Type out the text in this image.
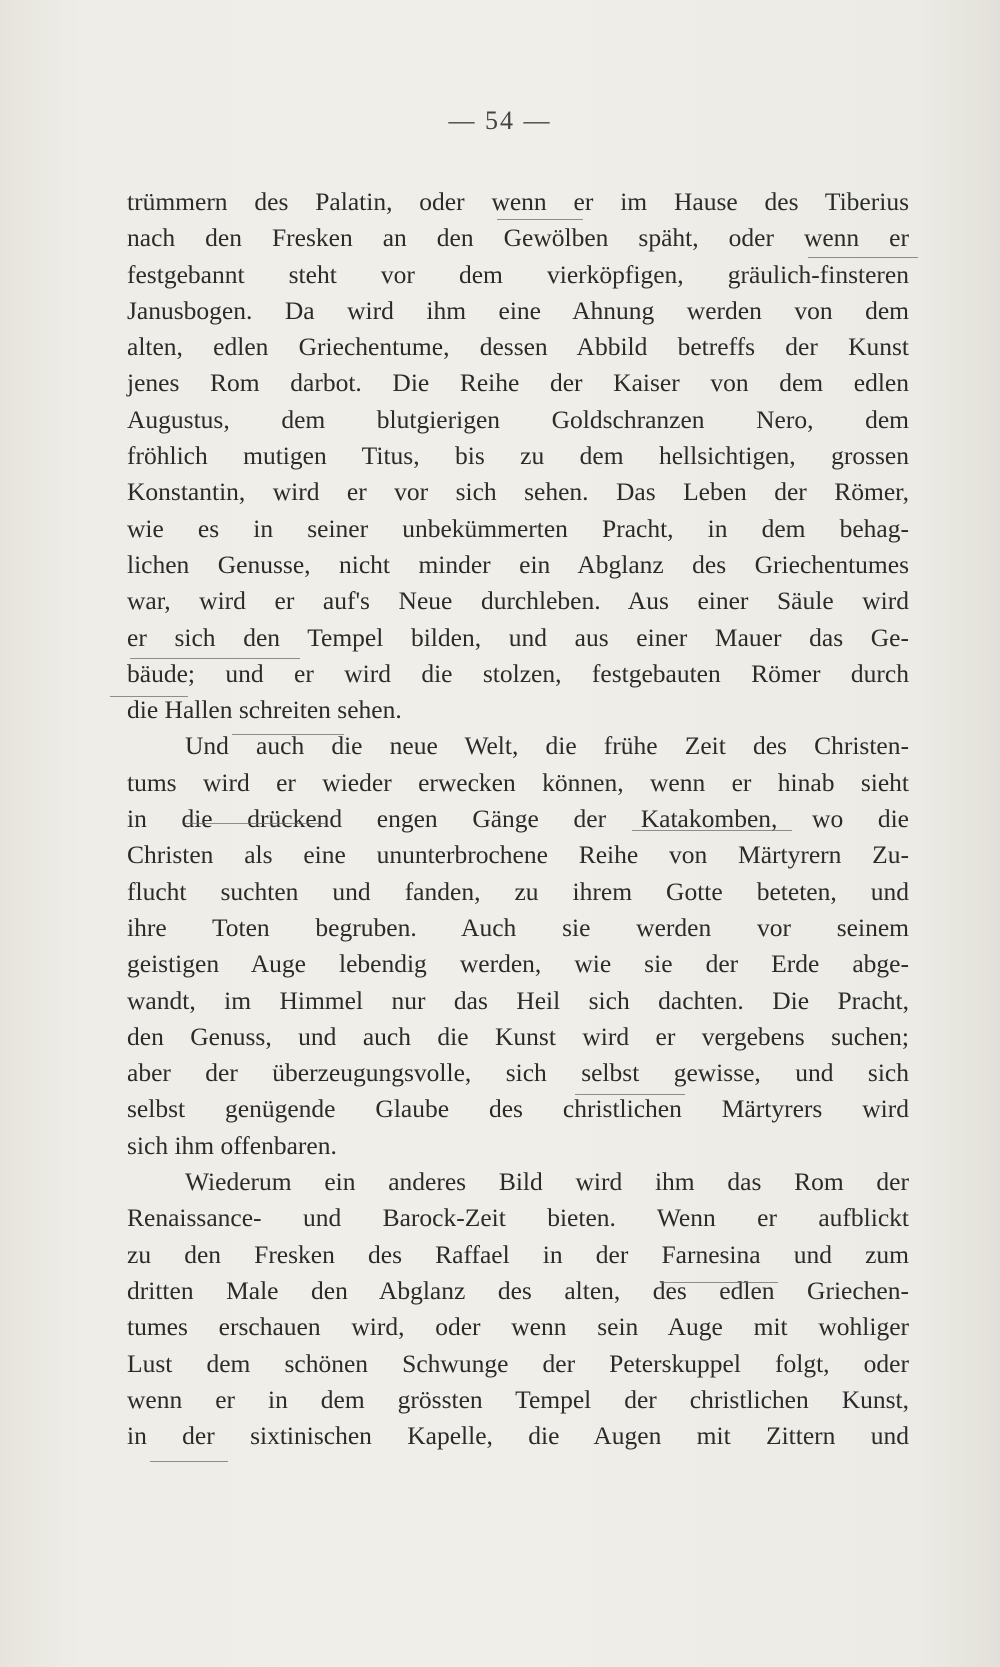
— 54 —
trümmern des Palatin, oder wenn er im Hause des Tiberius
nach den Fresken an den Gewölben späht, oder wenn er
festgebannt steht vor dem vierköpfigen, gräulich-finsteren
Janusbogen. Da wird ihm eine Ahnung werden von dem
alten, edlen Griechentume, dessen Abbild betreffs der Kunst
jenes Rom darbot. Die Reihe der Kaiser von dem edlen
Augustus, dem blutgierigen Goldschranzen Nero, dem
fröhlich mutigen Titus, bis zu dem hellsichtigen, grossen
Konstantin, wird er vor sich sehen. Das Leben der Römer,
wie es in seiner unbekümmerten Pracht, in dem behag-
lichen Genusse, nicht minder ein Abglanz des Griechentumes
war, wird er auf's Neue durchleben. Aus einer Säule wird
er sich den Tempel bilden, und aus einer Mauer das Ge-
bäude; und er wird die stolzen, festgebauten Römer durch
die Hallen schreiten sehen.
Und auch die neue Welt, die frühe Zeit des Christen-
tums wird er wieder erwecken können, wenn er hinab sieht
in die drückend engen Gänge der Katakomben, wo die
Christen als eine ununterbrochene Reihe von Märtyrern Zu-
flucht suchten und fanden, zu ihrem Gotte beteten, und
ihre Toten begruben. Auch sie werden vor seinem
geistigen Auge lebendig werden, wie sie der Erde abge-
wandt, im Himmel nur das Heil sich dachten. Die Pracht,
den Genuss, und auch die Kunst wird er vergebens suchen;
aber der überzeugungsvolle, sich selbst gewisse, und sich
selbst genügende Glaube des christlichen Märtyrers wird
sich ihm offenbaren.
Wiederum ein anderes Bild wird ihm das Rom der
Renaissance- und Barock-Zeit bieten. Wenn er aufblickt
zu den Fresken des Raffael in der Farnesina und zum
dritten Male den Abglanz des alten, des edlen Griechen-
tumes erschauen wird, oder wenn sein Auge mit wohliger
Lust dem schönen Schwunge der Peterskuppel folgt, oder
wenn er in dem grössten Tempel der christlichen Kunst,
in der sixtinischen Kapelle, die Augen mit Zittern und
